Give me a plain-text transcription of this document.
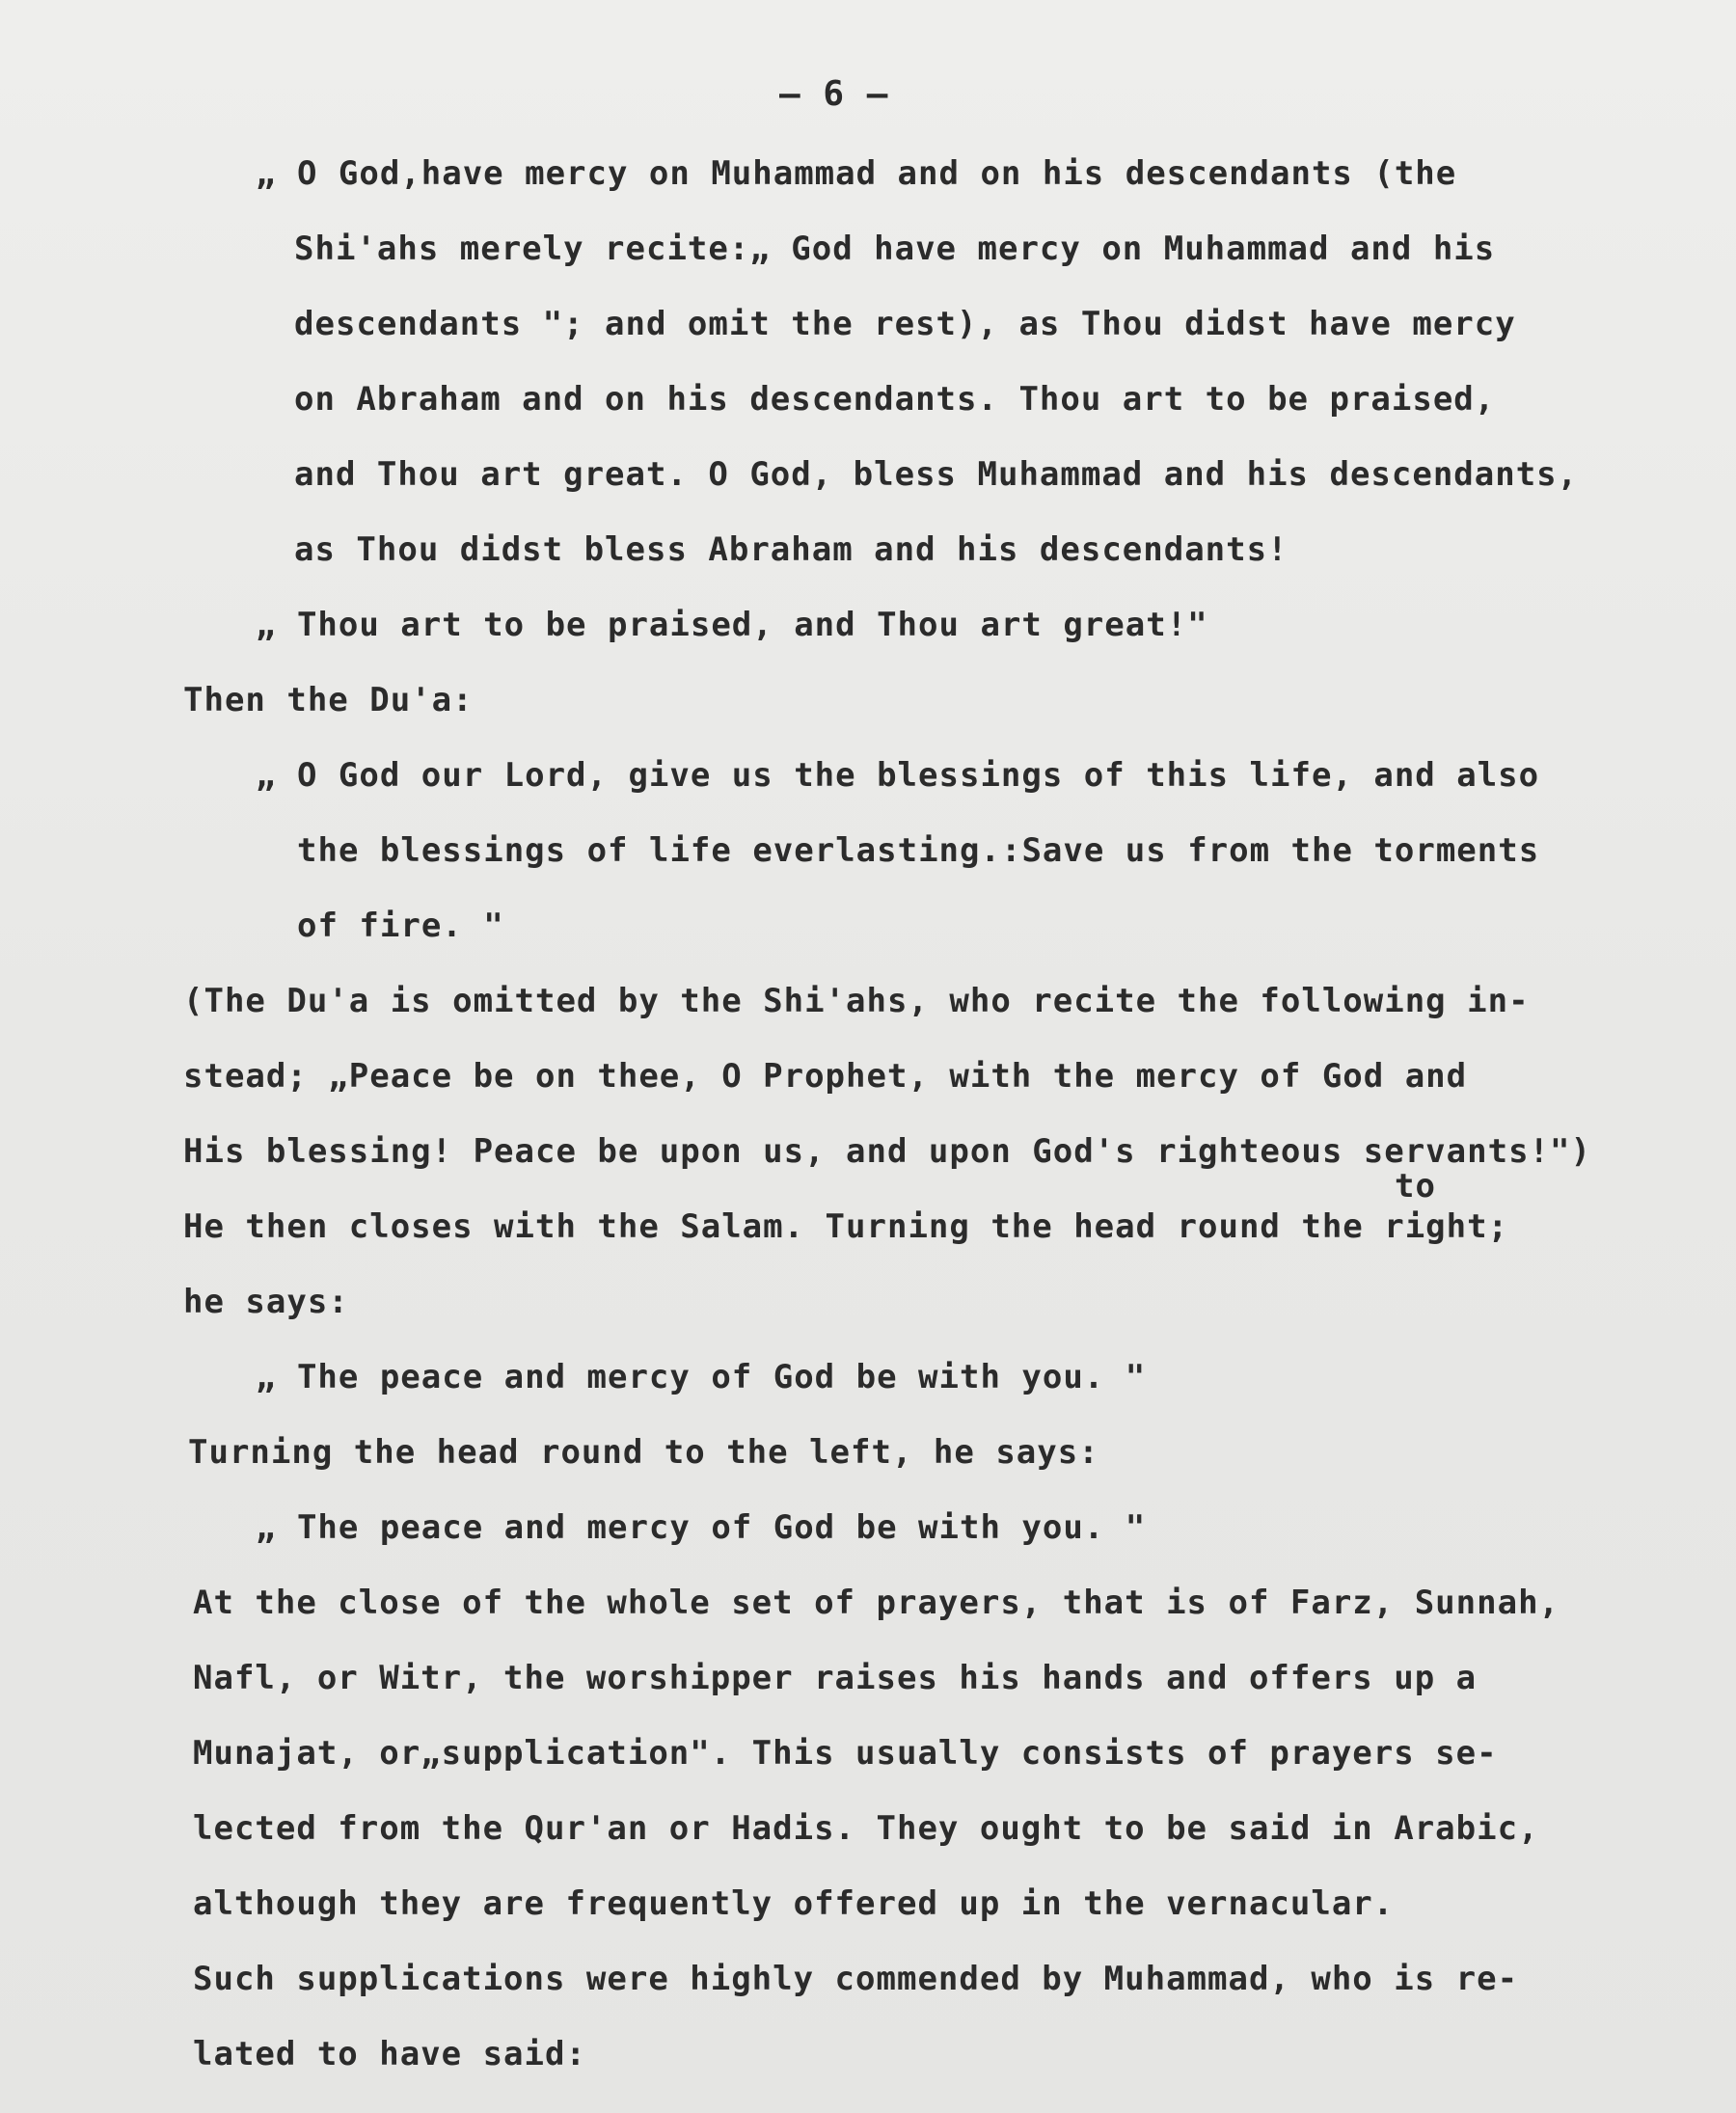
— 6 —
„ O God,have mercy on Muhammad and on his descendants (the
Shi'ahs merely recite:„ God have mercy on Muhammad and his
descendants "; and omit the rest), as Thou didst have mercy
on Abraham and on his descendants. Thou art to be praised,
and Thou art great. O God, bless Muhammad and his descendants,
as Thou didst bless Abraham and his descendants!
„ Thou art to be praised, and Thou art great!"
Then the Du'a:
„ O God our Lord, give us the blessings of this life, and also
the blessings of life everlasting.:Save us from the torments
of fire. "
(The Du'a is omitted by the Shi'ahs, who recite the following in-
stead; „Peace be on thee, O Prophet, with the mercy of God and
His blessing! Peace be upon us, and upon God's righteous servants!")
to
He then closes with the Salam. Turning the head round the right;
he says:
„ The peace and mercy of God be with you. "
Turning the head round to the left, he says:
„ The peace and mercy of God be with you. "
At the close of the whole set of prayers, that is of Farz, Sunnah,
Nafl, or Witr, the worshipper raises his hands and offers up a
Munajat, or„supplication". This usually consists of prayers se-
lected from the Qur'an or Hadis. They ought to be said in Arabic,
although they are frequently offered up in the vernacular.
Such supplications were highly commended by Muhammad, who is re-
lated to have said:
